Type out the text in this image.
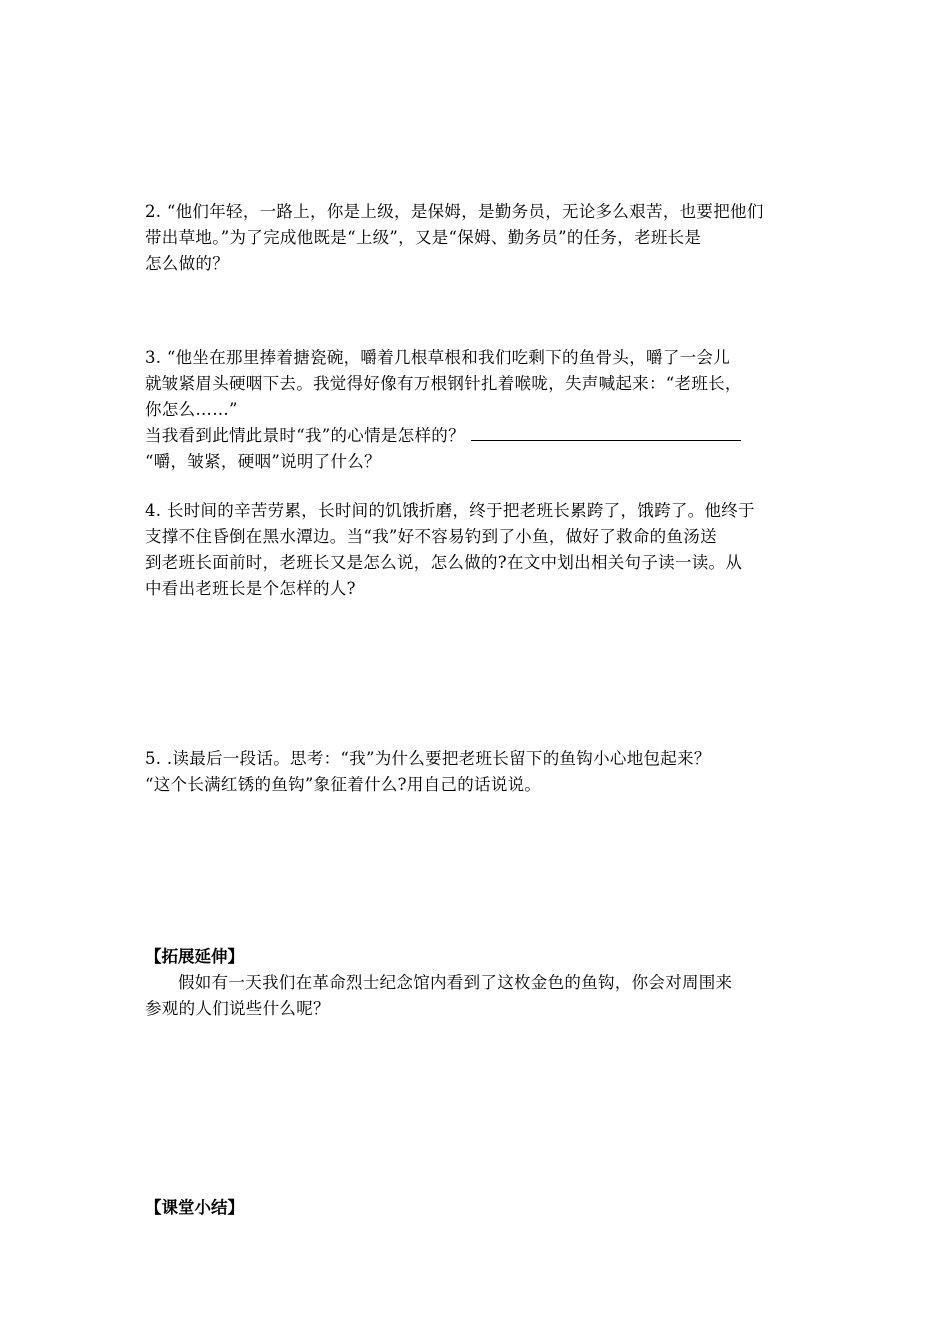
2. “他们年轻，一路上，你是上级，是保姆，是勤务员，无论多么艰苦，也要把他们
带出草地。”为了完成他既是“上级”，又是“保姆、勤务员”的任务，老班长是
怎么做的？
3. “他坐在那里捧着搪瓷碗，嚼着几根草根和我们吃剩下的鱼骨头，嚼了一会儿
就皱紧眉头硬咽下去。我觉得好像有万根钢针扎着喉咙，失声喊起来：“老班长，
你怎么……”
当我看到此情此景时“我”的心情是怎样的？
“嚼，皱紧，硬咽”说明了什么？
4. 长时间的辛苦劳累，长时间的饥饿折磨，终于把老班长累跨了，饿跨了。他终于
支撑不住昏倒在黑水潭边。当“我”好不容易钓到了小鱼，做好了救命的鱼汤送
到老班长面前时，老班长又是怎么说，怎么做的?在文中划出相关句子读一读。从
中看出老班长是个怎样的人?
5. .读最后一段话。思考：“我”为什么要把老班长留下的鱼钩小心地包起来？
“这个长满红锈的鱼钩”象征着什么?用自己的话说说。
【拓展延伸】
假如有一天我们在革命烈士纪念馆内看到了这枚金色的鱼钩，你会对周围来
参观的人们说些什么呢？
【课堂小结】
